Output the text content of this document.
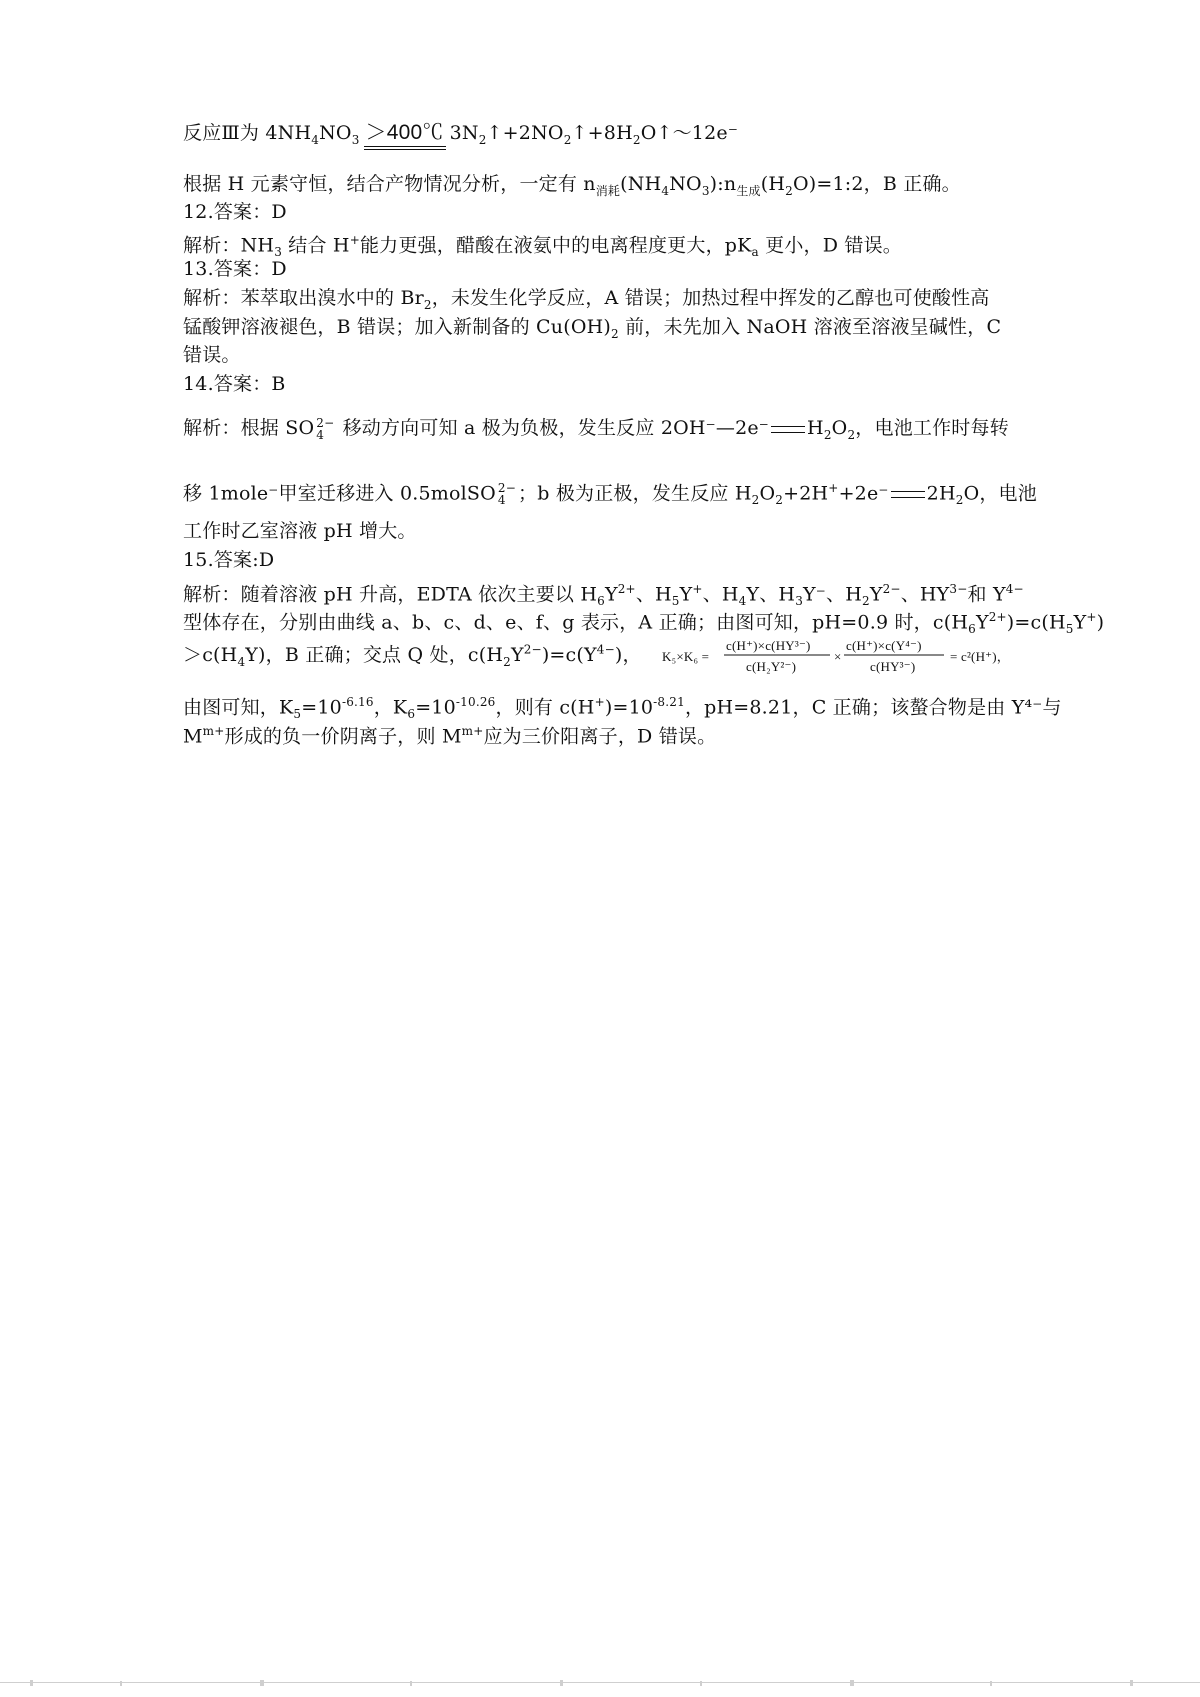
反应Ⅲ为 $4NH_4NO_3$ ＞400℃ $3N_2↑+2NO_2↑+8H_2O↑\sim 12e^-$
根据 H 元素守恒，结合产物情况分析，一定有 $n_{消耗}(NH_4NO_3):n_{生成}(H_2O)=1:2$，B 正确。
12.答案：D
解析：$NH_3$ 结合 H+能力更强，醋酸在液氨中的电离程度更大，$pK_a$ 更小，D 错误。
13.答案：D
解析：苯萃取出溴水中的 $Br_2$，未发生化学反应，A 错误；加热过程中挥发的乙醇也可使酸性高
锰酸钾溶液褪色，B 错误；加入新制备的 $Cu(OH)_2$ 前，未先加入 NaOH 溶液至溶液呈碱性，C
错误。
14.答案：B
解析：根据 SO 2−
4 移动方向可知 a 极为负极，发生反应 2OH⁻—2e⁻ $H_2O_2$，电池工作时每转
移 1mole⁻甲室迁移进入 0.5molSO 2−
4 ；b 极为正极，发生反应 $H_2O_2+2H^++2e^-$ $2H_2O$，电池
工作时乙室溶液 pH 增大。
15.答案:D
解析：随着溶液 pH 升高，EDTA 依次主要以 $H_6Y^{2+}$、$H_5Y^+$、$H_4Y$、$H_3Y^-$、$H_2Y^{2-}$、$HY^{3-}$和 $Y^{4-}$
型体存在，分别由曲线 a、b、c、d、e、f、g 表示，A 正确；由图可知，pH=0.9 时，$c(H_6Y^{2+})=c(H_5Y^+)$
$>c(H_4Y)$，B 正确；交点 Q 处，$c(H_2Y^{2-})=c(Y^{4-})$， K₅×K₆ =
c(H⁺)×c(HY³⁻)
c(H₂Y²⁻)
×
c(H⁺)×c(Y⁴⁻)
c(HY³⁻)
= c²(H⁺)，
由图可知，$K_5=10^{-6.16}$，$K_6=10^{-10.26}$，则有 $c(H^+)=10^{-8.21}$，pH=8.21，C 正确；该螯合物是由 Y⁴⁻与
$M^{m+}$形成的负一价阴离子，则 $M^{m+}$应为三价阳离子，D 错误。
